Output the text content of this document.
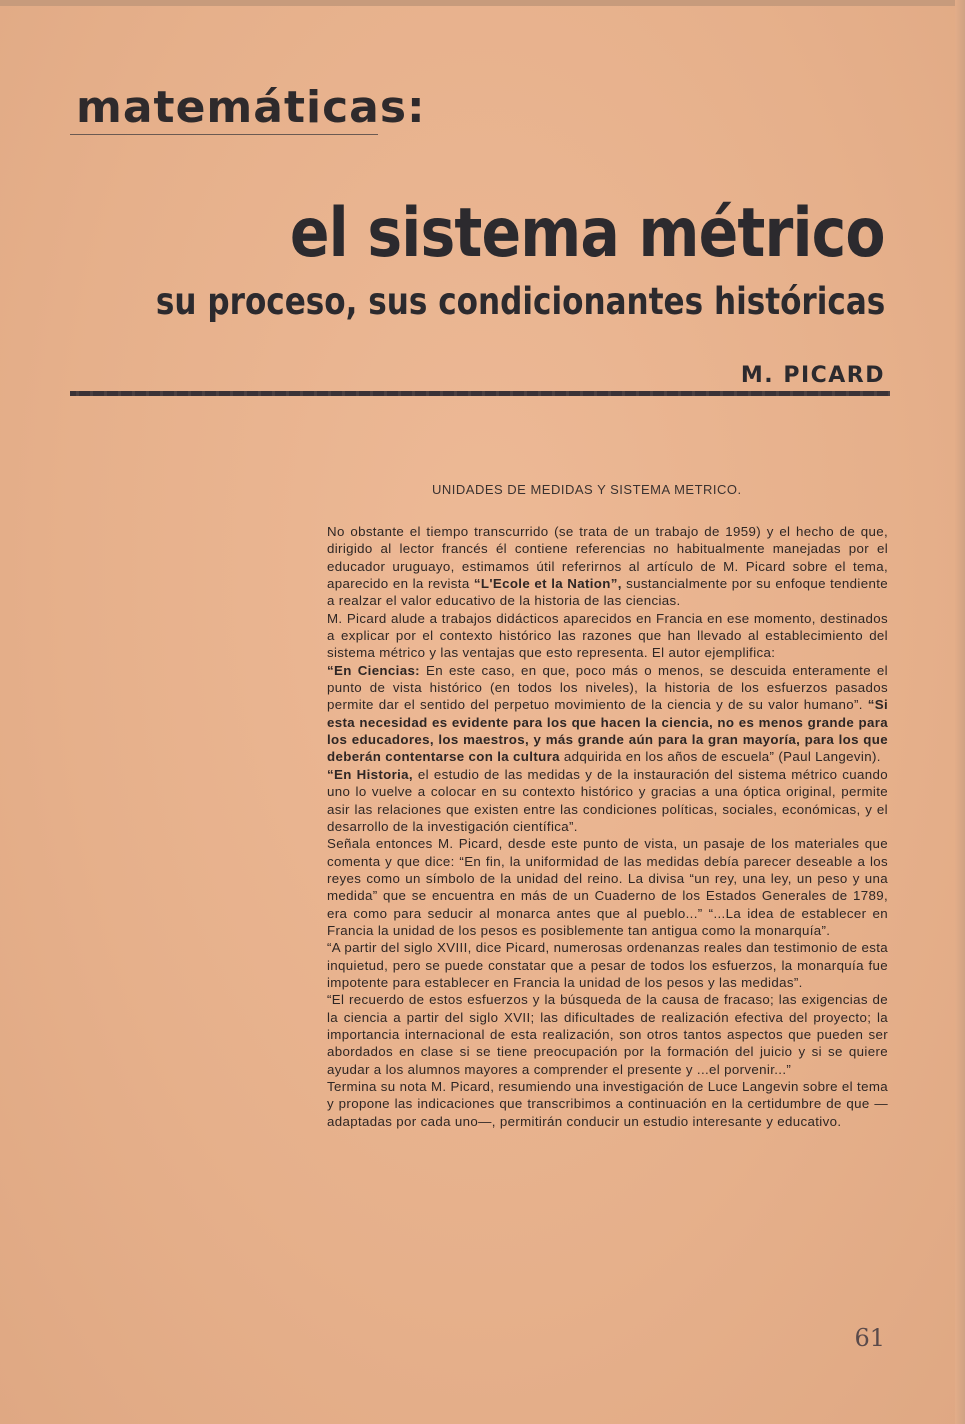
matemáticas:
el sistema métrico
su proceso, sus condicionantes históricas
M. PICARD
UNIDADES DE MEDIDAS Y SISTEMA METRICO.

No obstante el tiempo transcurrido (se trata de un trabajo de 1959) y el hecho de que, dirigido al lector francés él contiene referencias no habitualmente manejadas por el educador uruguayo, estimamos útil referirnos al artículo de M. Picard sobre el tema, aparecido en la revista “L'Ecole et la Nation”, sustancialmente por su enfoque tendiente a realzar el valor educativo de la historia de las ciencias.

M. Picard alude a trabajos didácticos aparecidos en Francia en ese momento, destinados a explicar por el contexto histórico las razones que han llevado al establecimiento del sistema métrico y las ventajas que esto representa. El autor ejemplifica:

“En Ciencias: En este caso, en que, poco más o menos, se descuida enteramente el punto de vista histórico (en todos los niveles), la historia de los esfuerzos pasados permite dar el sentido del perpetuo movimiento de la ciencia y de su valor humano”. “Si esta necesidad es evidente para los que hacen la ciencia, no es menos grande para los educadores, los maestros, y más grande aún para la gran mayoría, para los que deberán contentarse con la cultura adquirida en los años de escuela” (Paul Langevin).

“En Historia, el estudio de las medidas y de la instauración del sistema métrico cuando uno lo vuelve a colocar en su contexto histórico y gracias a una óptica original, permite asir las relaciones que existen entre las condiciones políticas, sociales, económicas, y el desarrollo de la investigación científica”.

Señala entonces M. Picard, desde este punto de vista, un pasaje de los materiales que comenta y que dice: “En fin, la uniformidad de las medidas debía parecer deseable a los reyes como un símbolo de la unidad del reino. La divisa “un rey, una ley, un peso y una medida” que se encuentra en más de un Cuaderno de los Estados Generales de 1789, era como para seducir al monarca antes que al pueblo...” “...La idea de establecer en Francia la unidad de los pesos es posiblemente tan antigua como la monarquía”.

“A partir del siglo XVIII, dice Picard, numerosas ordenanzas reales dan testimonio de esta inquietud, pero se puede constatar que a pesar de todos los esfuerzos, la monarquía fue impotente para establecer en Francia la unidad de los pesos y las medidas”.

“El recuerdo de estos esfuerzos y la búsqueda de la causa de fracaso; las exigencias de la ciencia a partir del siglo XVII; las dificultades de realización efectiva del proyecto; la importancia internacional de esta realización, son otros tantos aspectos que pueden ser abordados en clase si se tiene preocupación por la formación del juicio y si se quiere ayudar a los alumnos mayores a comprender el presente y ...el porvenir...”

Termina su nota M. Picard, resumiendo una investigación de Luce Langevin sobre el tema y propone las indicaciones que transcribimos a continuación en la certidumbre de que —adaptadas por cada uno—, permitirán conducir un estudio interesante y educativo.

61
